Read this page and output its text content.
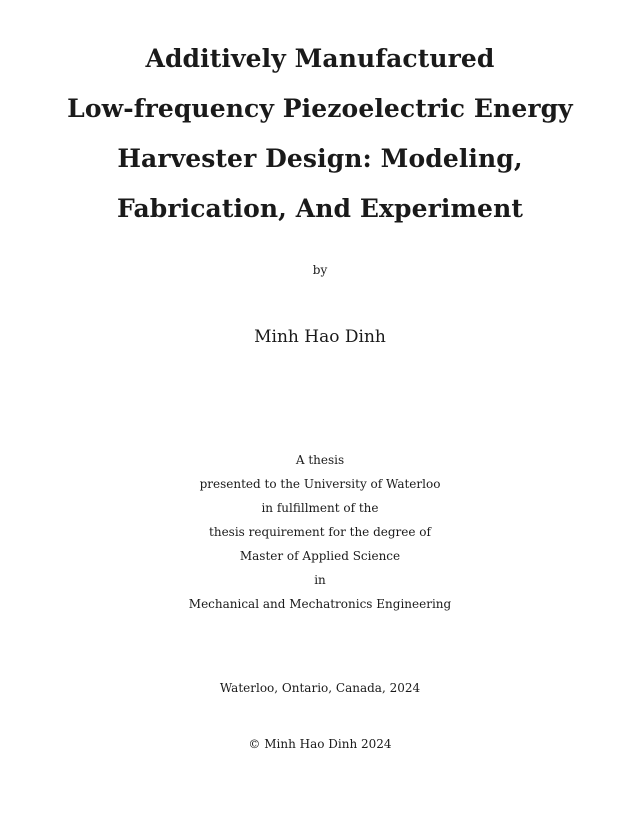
Additively Manufactured
Low-frequency Piezoelectric Energy
Harvester Design: Modeling,
Fabrication, And Experiment
by
Minh Hao Dinh
A thesis
presented to the University of Waterloo
in fulfillment of the
thesis requirement for the degree of
Master of Applied Science
in
Mechanical and Mechatronics Engineering
Waterloo, Ontario, Canada, 2024
© Minh Hao Dinh 2024
